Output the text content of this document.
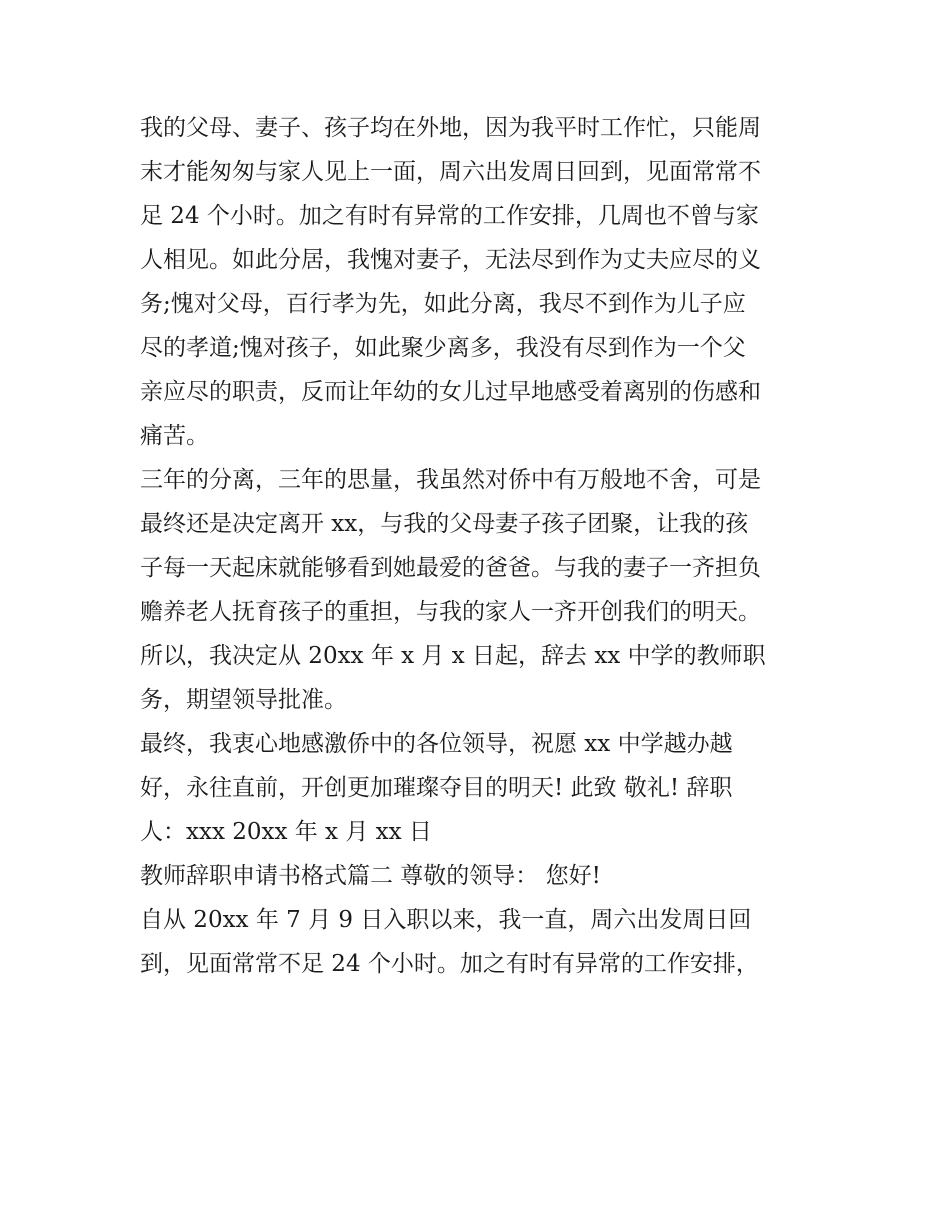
我的父母、妻子、孩子均在外地，因为我平时工作忙，只能周
末才能匆匆与家人见上一面，周六出发周日回到，见面常常不
足 24 个小时。加之有时有异常的工作安排，几周也不曾与家
人相见。如此分居，我愧对妻子，无法尽到作为丈夫应尽的义
务;愧对父母，百行孝为先，如此分离，我尽不到作为儿子应
尽的孝道;愧对孩子，如此聚少离多，我没有尽到作为一个父
亲应尽的职责，反而让年幼的女儿过早地感受着离别的伤感和
痛苦。
三年的分离，三年的思量，我虽然对侨中有万般地不舍，可是
最终还是决定离开 xx，与我的父母妻子孩子团聚，让我的孩
子每一天起床就能够看到她最爱的爸爸。与我的妻子一齐担负
赡养老人抚育孩子的重担，与我的家人一齐开创我们的明天。
所以，我决定从 20xx 年 x 月 x 日起，辞去 xx 中学的教师职
务，期望领导批准。
最终，我衷心地感激侨中的各位领导，祝愿 xx 中学越办越
好，永往直前，开创更加璀璨夺目的明天! 此致 敬礼! 辞职
人：xxx 20xx 年 x 月 xx 日
教师辞职申请书格式篇二 尊敬的领导： 您好!
自从 20xx 年 7 月 9 日入职以来，我一直，周六出发周日回
到，见面常常不足 24 个小时。加之有时有异常的工作安排，
